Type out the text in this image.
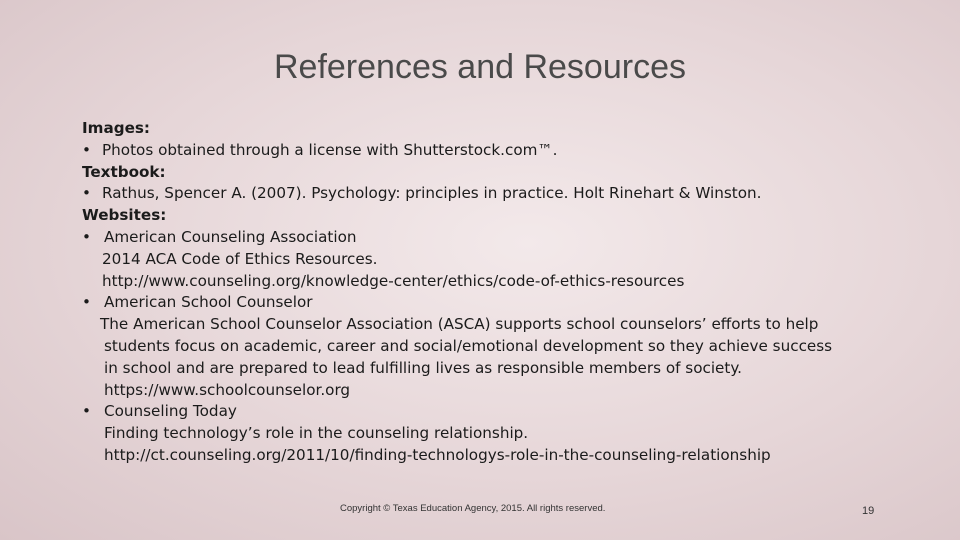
References and Resources
Images:
• Photos obtained through a license with Shutterstock.com™.
Textbook:
• Rathus, Spencer A. (2007). Psychology: principles in practice. Holt Rinehart & Winston.
Websites:
• American Counseling Association
2014 ACA Code of Ethics Resources.
http://www.counseling.org/knowledge-center/ethics/code-of-ethics-resources
• American School Counselor
The American School Counselor Association (ASCA) supports school counselors’ efforts to help
students focus on academic, career and social/emotional development so they achieve success
in school and are prepared to lead fulfilling lives as responsible members of society.
https://www.schoolcounselor.org
• Counseling Today
Finding technology’s role in the counseling relationship.
http://ct.counseling.org/2011/10/finding-technologys-role-in-the-counseling-relationship
Copyright © Texas Education Agency, 2015. All rights reserved.	19
